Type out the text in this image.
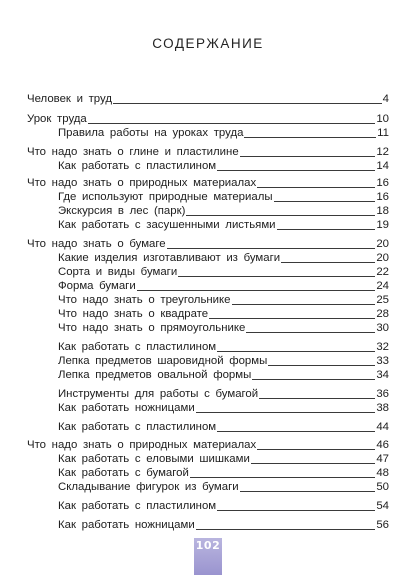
СОДЕРЖАНИЕ
Человек и труд	4
Урок труда	10
Правила работы на уроках труда	11
Что надо знать о глине и пластилине	12
Как работать с пластилином	14
Что надо знать о природных материалах	16
Где используют природные материалы	16
Экскурсия в лес (парк)	18
Как работать с засушенными листьями	19
Что надо знать о бумаге	20
Какие изделия изготавливают из бумаги	20
Сорта и виды бумаги	22
Форма бумаги	24
Что надо знать о треугольнике	25
Что надо знать о квадрате	28
Что надо знать о прямоугольнике	30
Как работать с пластилином	32
Лепка предметов шаровидной формы	33
Лепка предметов овальной формы	34
Инструменты для работы с бумагой	36
Как работать ножницами	38
Как работать с пластилином	44
Что надо знать о природных материалах	46
Как работать с еловыми шишками	47
Как работать с бумагой	48
Складывание фигурок из бумаги	50
Как работать с пластилином	54
Как работать ножницами	56
102
